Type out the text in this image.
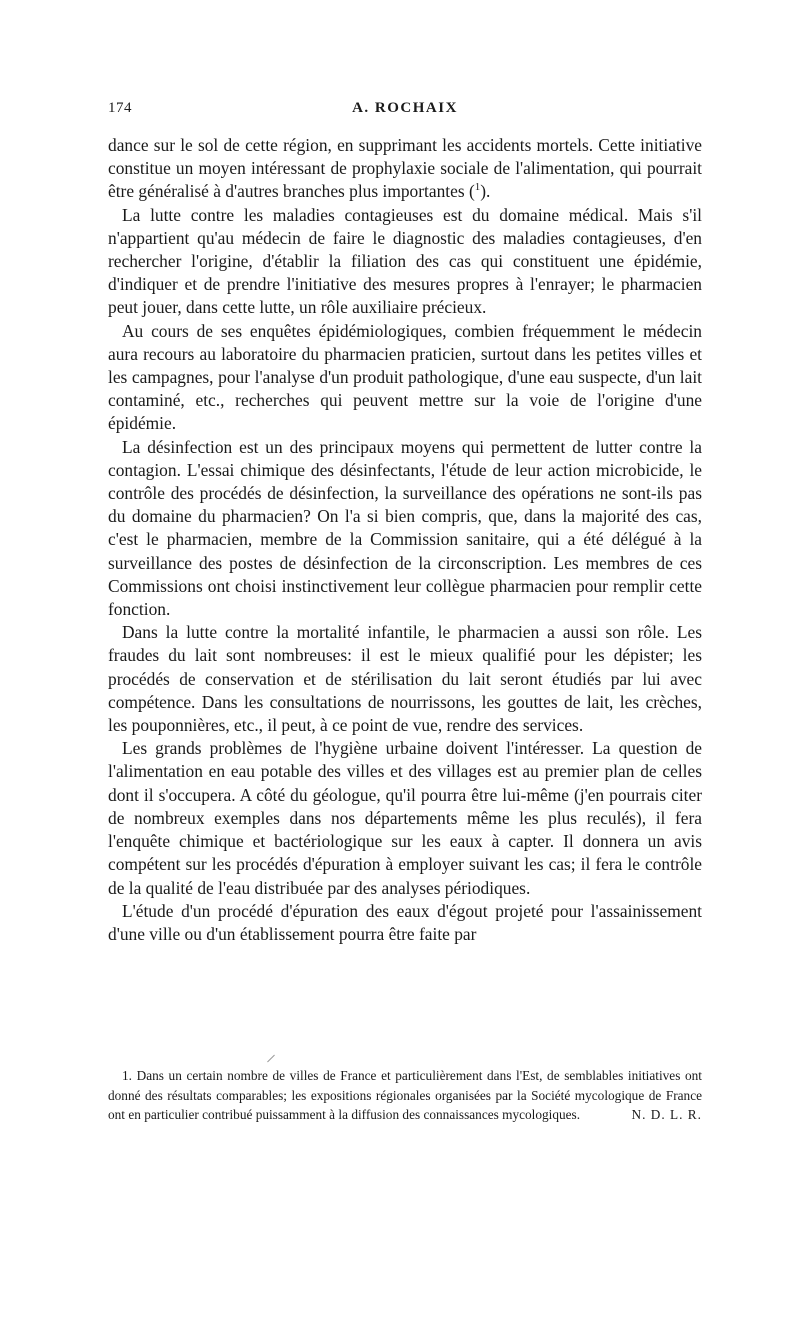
174	A. ROCHAIX

dance sur le sol de cette région, en supprimant les accidents mortels. Cette initiative constitue un moyen intéressant de prophylaxie sociale de l'alimentation, qui pourrait être généralisé à d'autres branches plus importantes ($^1$).

La lutte contre les maladies contagieuses est du domaine médical. Mais s'il n'appartient qu'au médecin de faire le diagnostic des maladies contagieuses, d'en rechercher l'origine, d'établir la filiation des cas qui constituent une épidémie, d'indiquer et de prendre l'initiative des mesures propres à l'enrayer; le pharmacien peut jouer, dans cette lutte, un rôle auxiliaire précieux.

Au cours de ses enquêtes épidémiologiques, combien fréquemment le médecin aura recours au laboratoire du pharmacien praticien, surtout dans les petites villes et les campagnes, pour l'analyse d'un produit pathologique, d'une eau suspecte, d'un lait contaminé, etc., recherches qui peuvent mettre sur la voie de l'origine d'une épidémie.

La désinfection est un des principaux moyens qui permettent de lutter contre la contagion. L'essai chimique des désinfectants, l'étude de leur action microbicide, le contrôle des procédés de désinfection, la surveillance des opérations ne sont-ils pas du domaine du pharmacien? On l'a si bien compris, que, dans la majorité des cas, c'est le pharmacien, membre de la Commission sanitaire, qui a été délégué à la surveillance des postes de désinfection de la circonscription. Les membres de ces Commissions ont choisi instinctivement leur collègue pharmacien pour remplir cette fonction.

Dans la lutte contre la mortalité infantile, le pharmacien a aussi son rôle. Les fraudes du lait sont nombreuses: il est le mieux qualifié pour les dépister; les procédés de conservation et de stérilisation du lait seront étudiés par lui avec compétence. Dans les consultations de nourrissons, les gouttes de lait, les crèches, les pouponnières, etc., il peut, à ce point de vue, rendre des services.

Les grands problèmes de l'hygiène urbaine doivent l'intéresser. La question de l'alimentation en eau potable des villes et des villages est au premier plan de celles dont il s'occupera. A côté du géologue, qu'il pourra être lui-même (j'en pourrais citer de nombreux exemples dans nos départements même les plus reculés), il fera l'enquête chimique et bactériologique sur les eaux à capter. Il donnera un avis compétent sur les procédés d'épuration à employer suivant les cas; il fera le contrôle de la qualité de l'eau distribuée par des analyses périodiques.

L'étude d'un procédé d'épuration des eaux d'égout projeté pour l'assainissement d'une ville ou d'un établissement pourra être faite par

1. Dans un certain nombre de villes de France et particulièrement dans l'Est, de semblables initiatives ont donné des résultats comparables; les expositions régionales organisées par la Société mycologique de France ont en particulier contribué puissamment à la diffusion des connaissances mycologiques.	N. D. L. R.
